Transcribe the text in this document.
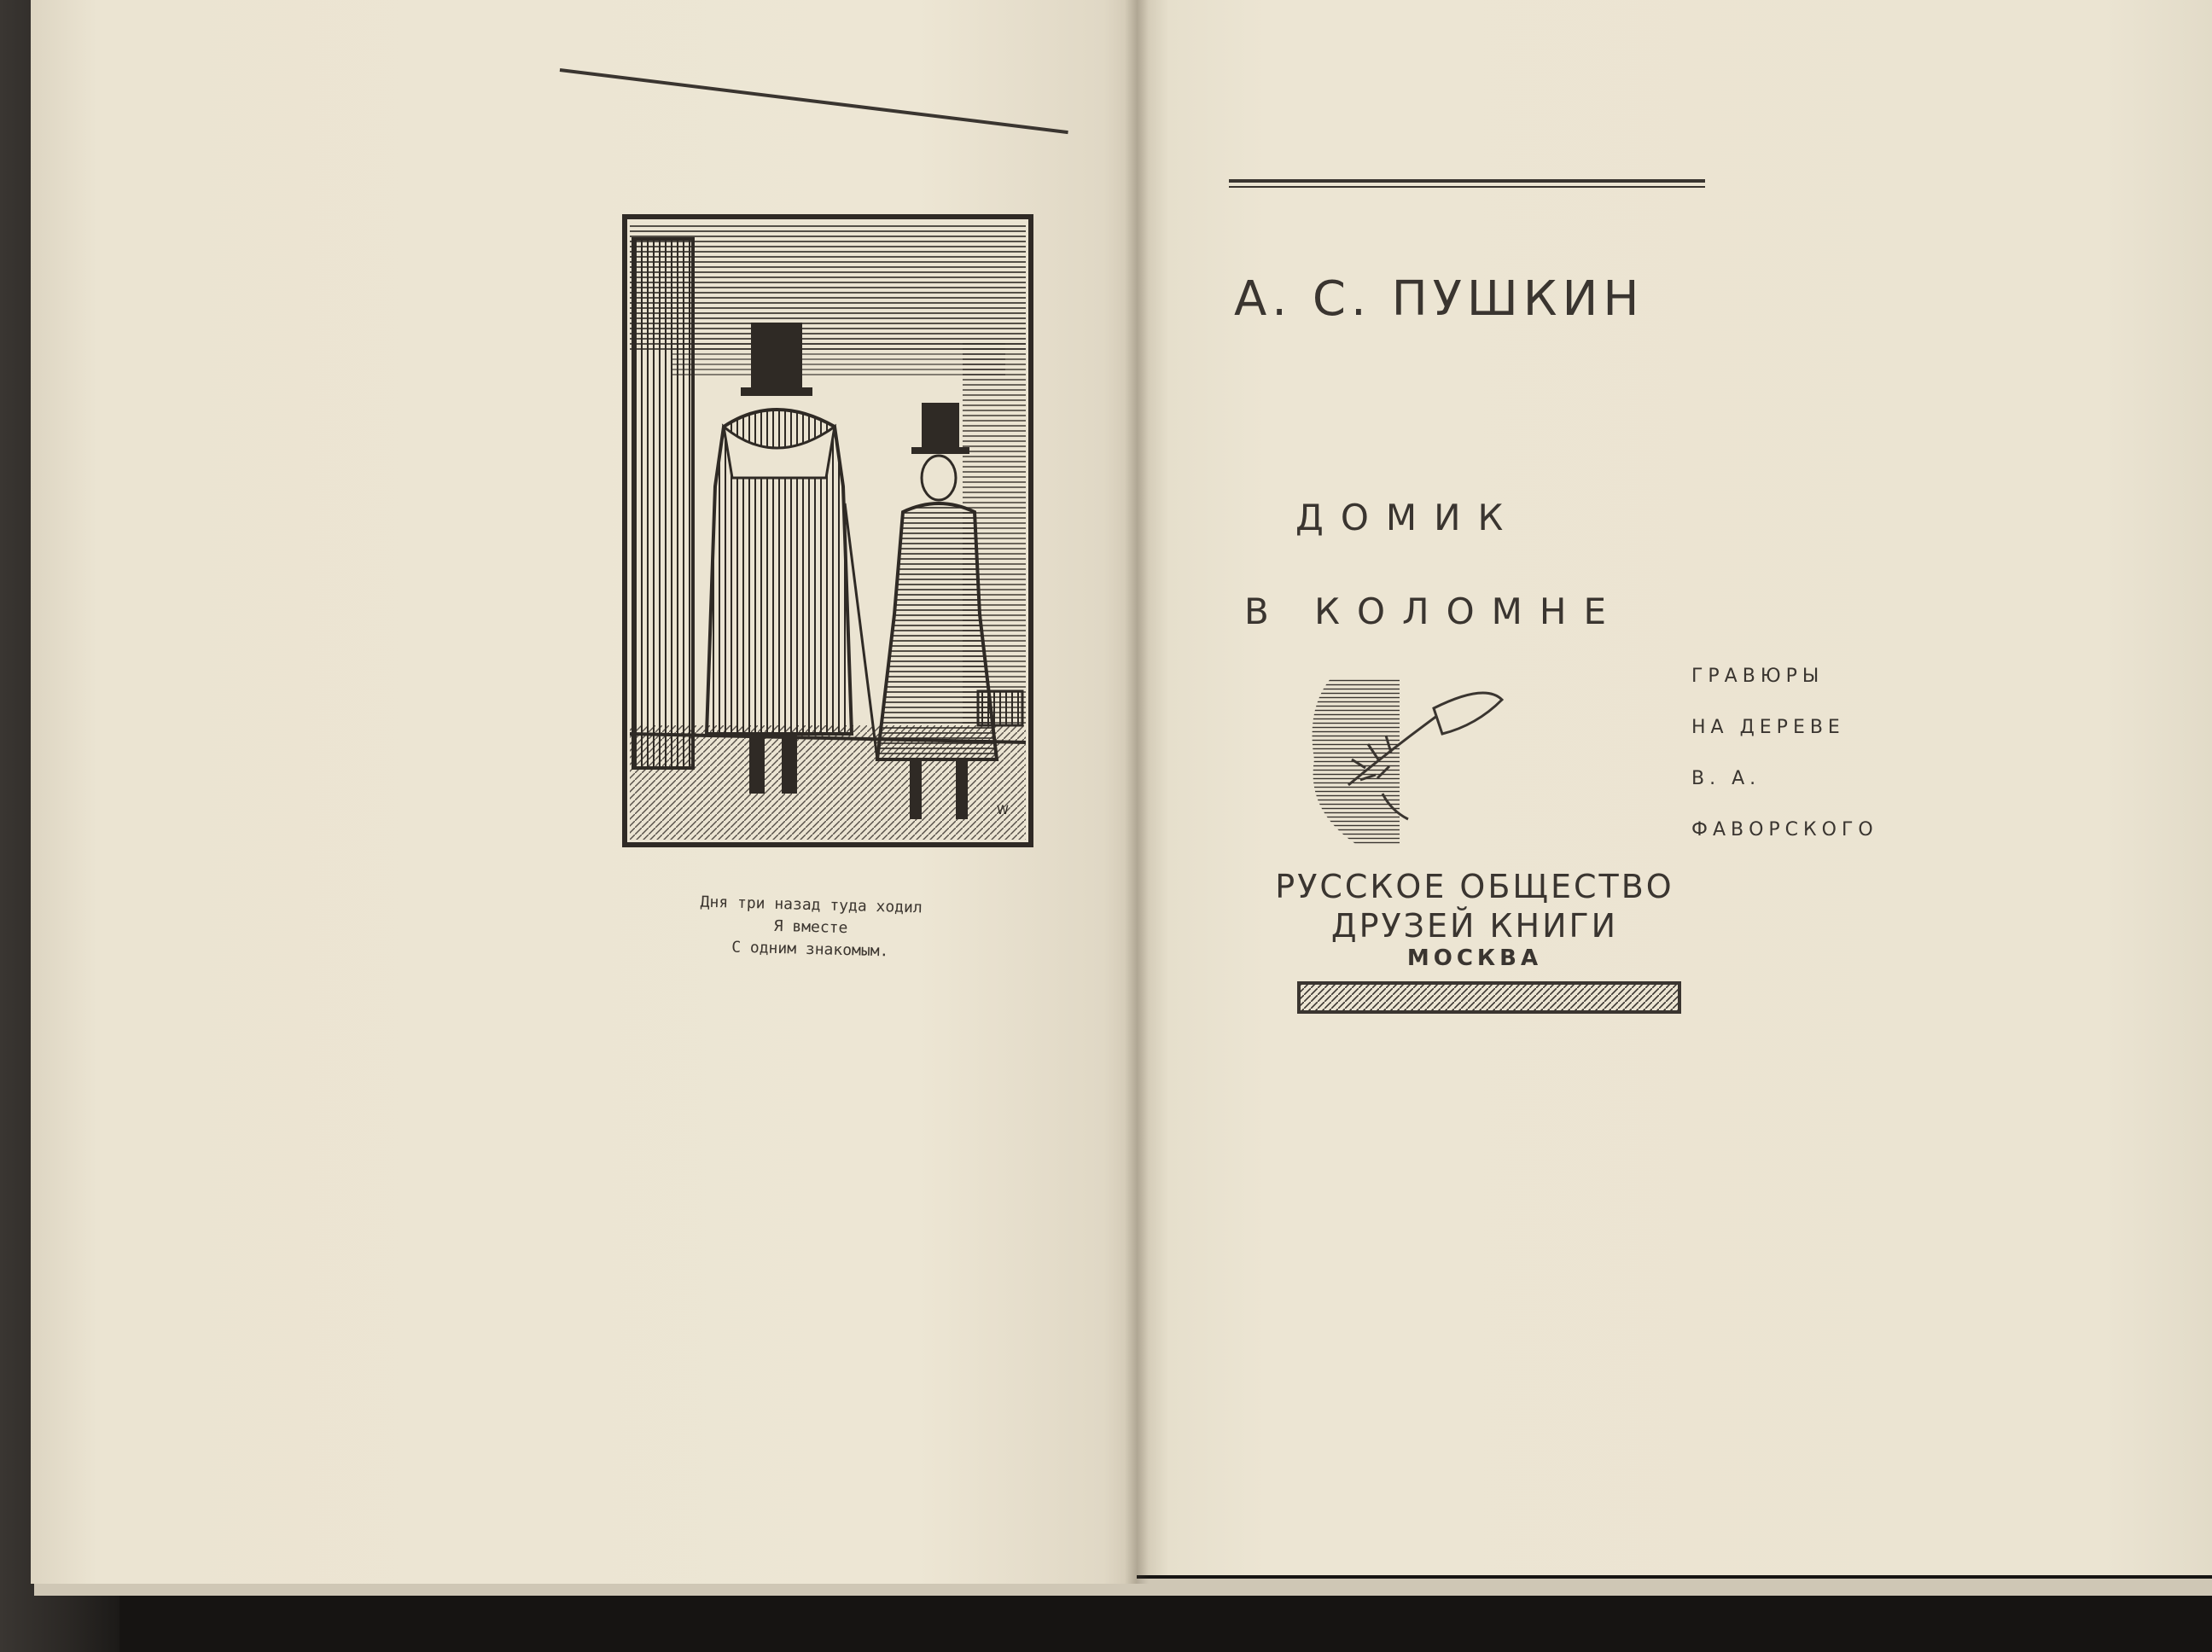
W
Дня три назад туда ходил
Я вместе
С одним знакомым.
А. С. ПУШКИН
ДОМИК
В КОЛОМНЕ
ГРАВЮРЫ
НА ДЕРЕВЕ
В. А.
ФАВОРСКОГО
РУССКОЕ ОБЩЕСТВО
ДРУЗЕЙ КНИГИ
МОСКВА
